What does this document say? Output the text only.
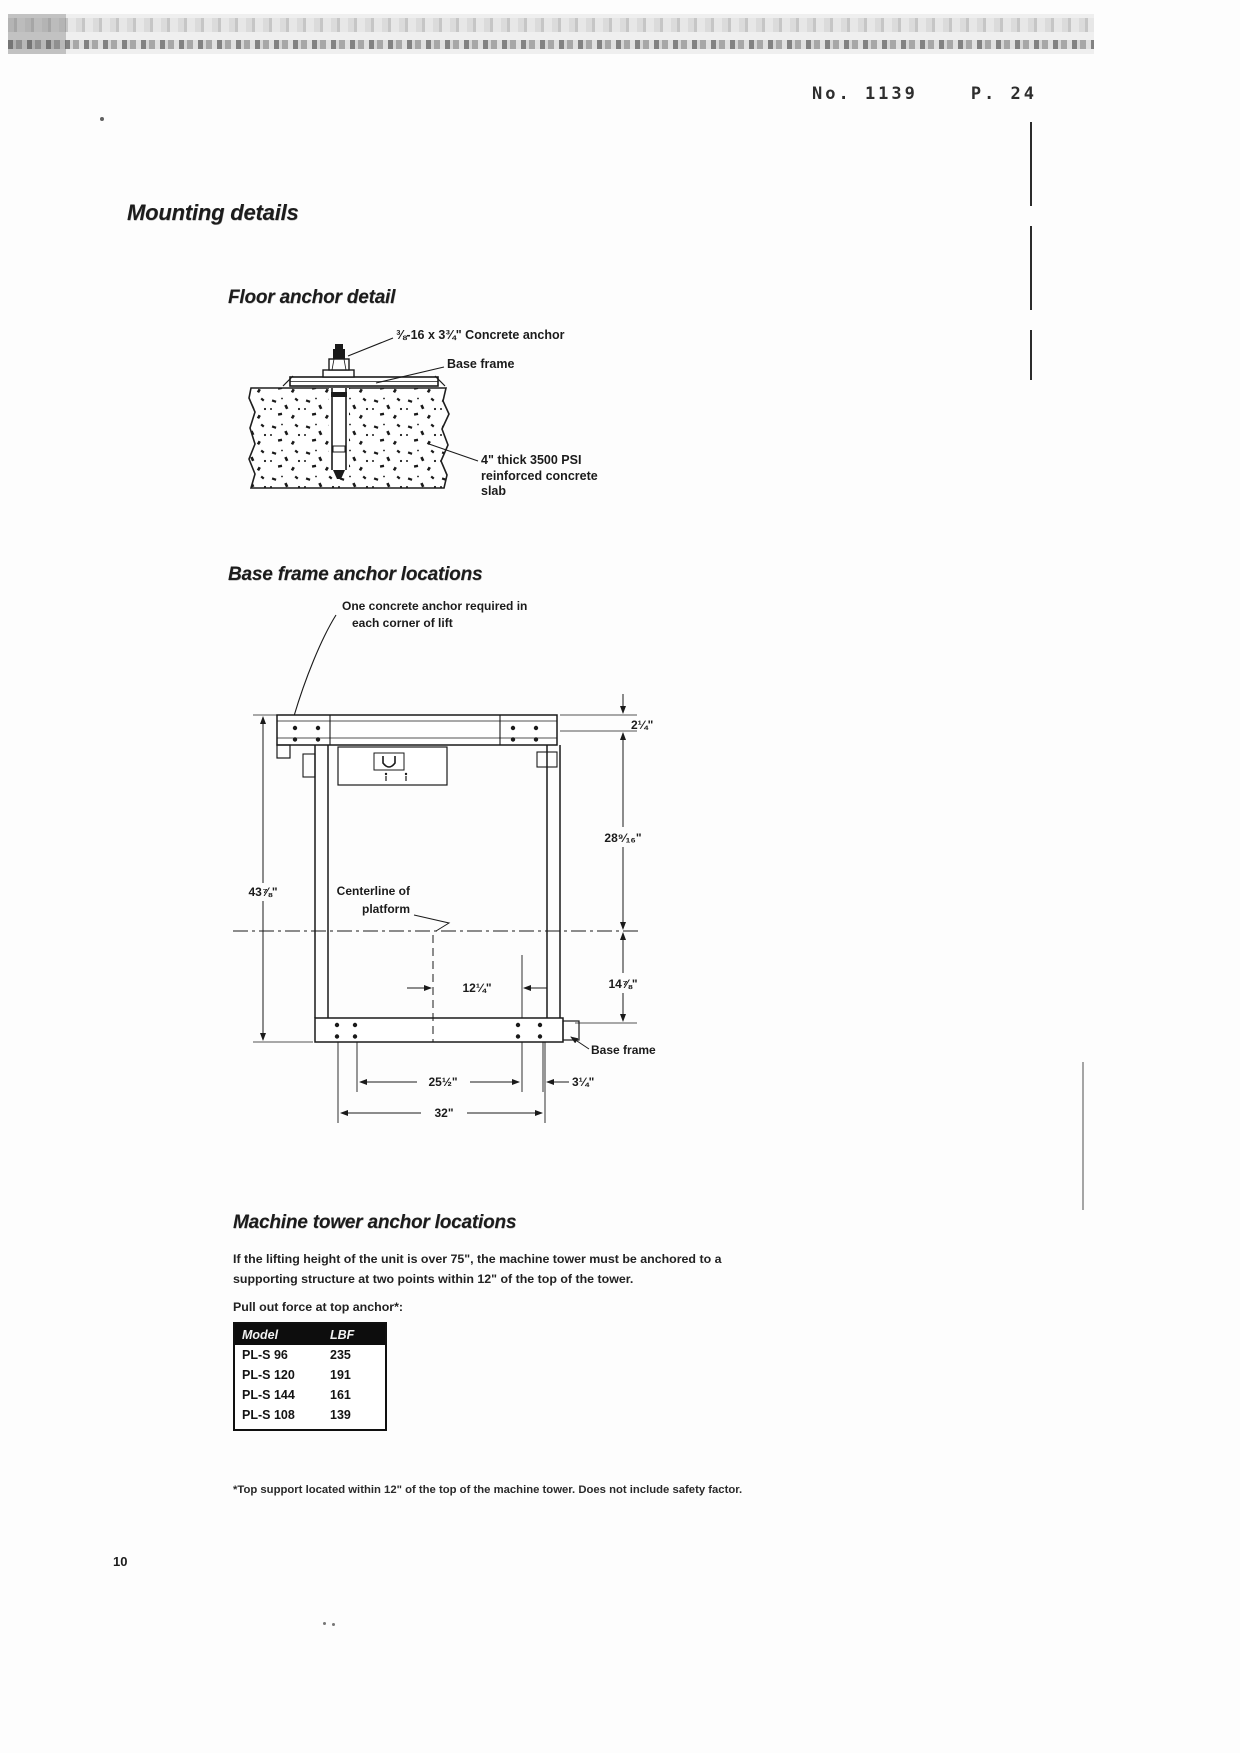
No. 1139    P. 24
Mounting details
Floor anchor detail
Base frame anchor locations
Machine tower anchor locations
⅜-16 x 3¾" Concrete anchor
Base frame
4" thick 3500 PSI
reinforced concrete
slab
One concrete anchor required in
each corner of lift
Centerline of
platform
43⅞"
2¼"
28⁹⁄₁₆"
14⅞"
12¼"
25½"	3¼"
32"
Base frame
If the lifting height of the unit is over 75", the machine tower must be anchored to a
supporting structure at two points within 12" of the top of the tower.
Pull out force at top anchor*:
Model	LBF
PL-S 96	235
PL-S 120	191
PL-S 144	161
PL-S 108	139
*Top support located within 12" of the top of the machine tower. Does not include safety factor.
10
